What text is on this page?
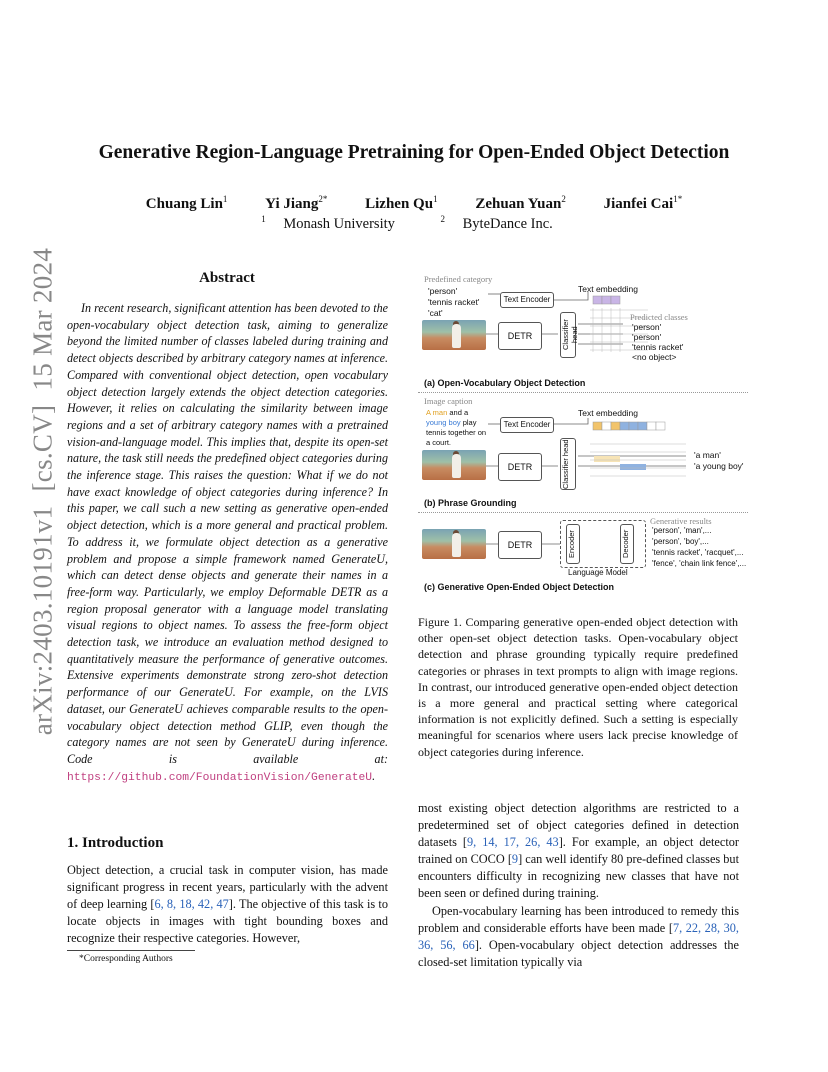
Generative Region-Language Pretraining for Open-Ended Object Detection
Chuang Lin$^1$	Yi Jiang$^{2*}$	Lizhen Qu$^1$	Zehuan Yuan$^2$	Jianfei Cai$^{1*}$
$^1$ Monash University	$^2$ ByteDance Inc.
arXiv:2403.10191v1  [cs.CV]  15 Mar 2024	Abstract
In recent research, significant attention has been devoted to the open-vocabulary object detection task, aiming to generalize beyond the limited number of classes labeled during training and detect objects described by arbitrary category names at inference. Compared with conventional object detection, open vocabulary object detection largely extends the object detection categories. However, it relies on calculating the similarity between image regions and a set of arbitrary category names with a pretrained vision-and-language model. This implies that, despite its open-set nature, the task still needs the predefined object categories during the inference stage. This raises the question: What if we do not have exact knowledge of object categories during inference? In this paper, we call such a new setting as generative open-ended object detection, which is a more general and practical problem. To address it, we formulate object detection as a generative problem and propose a simple framework named GenerateU, which can detect dense objects and generate their names in a free-form way. Particularly, we employ Deformable DETR as a region proposal generator with a language model translating visual regions to object names. To assess the free-form object detection task, we introduce an evaluation method designed to quantitatively measure the performance of generative outcomes. Extensive experiments demonstrate strong zero-shot detection performance of our GenerateU. For example, on the LVIS dataset, our GenerateU achieves comparable results to the open-vocabulary object detection method GLIP, even though the category names are not seen by GenerateU during inference. Code is available at: https://github.com/FoundationVision/GenerateU.
1. Introduction
Object detection, a crucial task in computer vision, has made significant progress in recent years, particularly with the advent of deep learning [6, 8, 18, 42, 47]. The objective of this task is to locate objects in images with tight bounding boxes and recognize their respective categories. However,
*Corresponding Authors
Predefined category
'person'
'tennis racket'
'cat'
Text Encoder
Text embedding
DETR	Classifier head
Predicted classes
'person'
'person'
'tennis racket'
<no object>
(a) Open-Vocabulary Object Detection
Image caption
A man and a young boy play tennis together on a court.
Text Encoder
Text embedding
DETR	Classifier head	'a man'
'a young boy'
(b) Phrase Grounding
DETR	Encoder	Decoder
Language Model
Generative results
'person', 'man',...
'person', 'boy',...
'tennis racket', 'racquet',...
'fence', 'chain link fence',...
(c) Generative Open-Ended Object Detection
Figure 1. Comparing generative open-ended object detection with other open-set object detection tasks. Open-vocabulary object detection and phrase grounding typically require predefined categories or phrases in text prompts to align with image regions. In contrast, our introduced generative open-ended object detection is a more general and practical setting where categorical information is not explicitly defined. Such a setting is especially meaningful for scenarios where users lack precise knowledge of object categories during inference.

most existing object detection algorithms are restricted to a predetermined set of object categories defined in detection datasets [9, 14, 17, 26, 43]. For example, an object detector trained on COCO [9] can well identify 80 pre-defined classes but encounters difficulty in recognizing new classes that have not been seen or defined during training.

Open-vocabulary learning has been introduced to remedy this problem and considerable efforts have been made [7, 22, 28, 30, 36, 56, 66]. Open-vocabulary object detection addresses the closed-set limitation typically via
